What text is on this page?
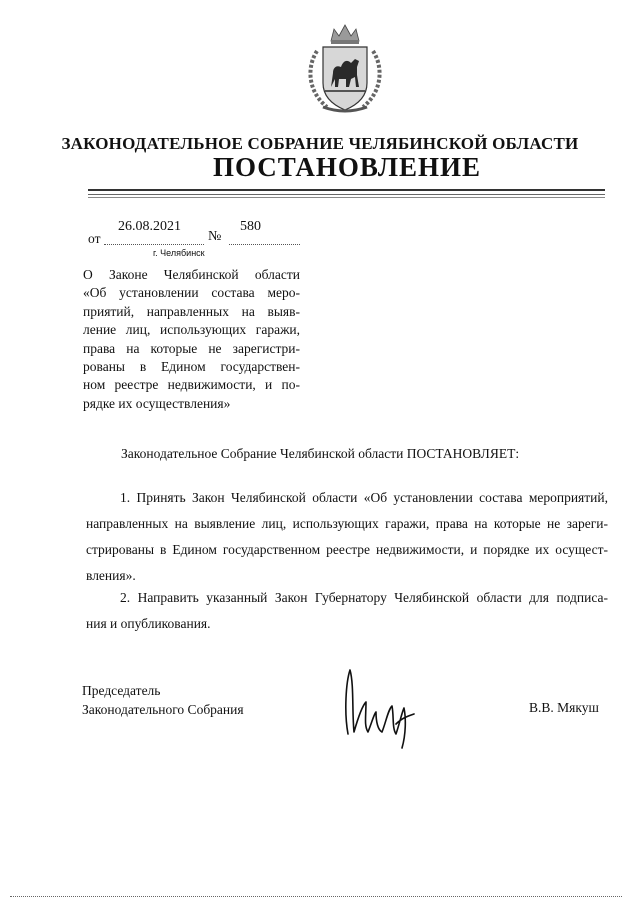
ЗАКОНОДАТЕЛЬНОЕ СОБРАНИЕ ЧЕЛЯБИНСКОЙ ОБЛАСТИ
ПОСТАНОВЛЕНИЕ
от
26.08.2021
№
580
г. Челябинск
О Законе Челябинской области
«Об установлении состава меро-
приятий, направленных на выяв-
ление лиц, использующих гаражи,
права на которые не зарегистри-
рованы в Едином государствен-
ном реестре недвижимости, и по-
рядке их осуществления»
Законодательное Собрание Челябинской области ПОСТАНОВЛЯЕТ:
1. Принять Закон Челябинской области «Об установлении состава мероприятий,
направленных на выявление лиц, использующих гаражи, права на которые не зареги-
стрированы в Едином государственном реестре недвижимости, и порядке их осущест-
вления».
2. Направить указанный Закон Губернатору Челябинской области для подписа-
ния и опубликования.
Председатель
Законодательного Собрания	В.В. Мякуш
